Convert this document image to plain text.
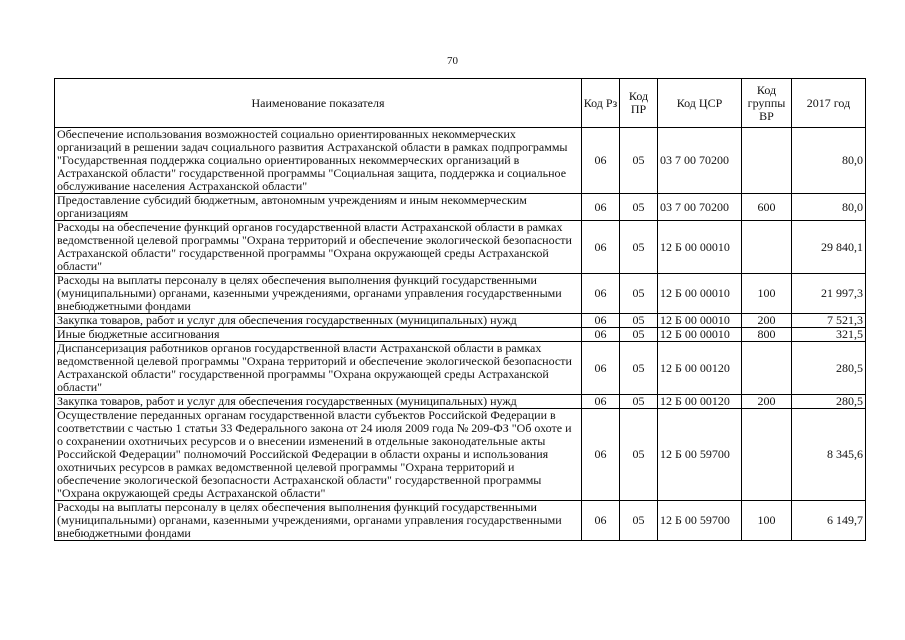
70
Наименование показателя	Код Рз	Код ПР	Код ЦСР	Код группы ВР	2017 год
Обеспечение использования возможностей социально ориентированных некоммерческих организаций в решении задач социального развития Астраханской области в рамках подпрограммы "Государственная поддержка социально ориентированных некоммерческих организаций в Астраханской области" государственной программы "Социальная защита, поддержка и социальное обслуживание населения Астраханской области"	06	05	03 7 00 70200		80,0
Предоставление субсидий бюджетным, автономным учреждениям и иным некоммерческим организациям	06	05	03 7 00 70200	600	80,0
Расходы на обеспечение функций органов государственной власти Астраханской области в рамках ведомственной целевой программы "Охрана территорий и обеспечение экологической безопасности Астраханской области" государственной программы "Охрана окружающей среды Астраханской области"	06	05	12 Б 00 00010		29 840,1
Расходы на выплаты персоналу в целях обеспечения выполнения функций государственными (муниципальными) органами, казенными учреждениями, органами управления государственными внебюджетными фондами	06	05	12 Б 00 00010	100	21 997,3
Закупка товаров, работ и услуг для обеспечения государственных (муниципальных) нужд	06	05	12 Б 00 00010	200	7 521,3
Иные бюджетные ассигнования	06	05	12 Б 00 00010	800	321,5
Диспансеризация работников органов государственной власти Астраханской области в рамках ведомственной целевой программы "Охрана территорий и обеспечение экологической безопасности Астраханской области" государственной программы "Охрана окружающей среды Астраханской области"	06	05	12 Б 00 00120		280,5
Закупка товаров, работ и услуг для обеспечения государственных (муниципальных) нужд	06	05	12 Б 00 00120	200	280,5
Осуществление переданных органам государственной власти субъектов Российской Федерации в соответствии с частью 1 статьи 33 Федерального закона от 24 июля 2009 года № 209-ФЗ "Об охоте и о сохранении охотничьих ресурсов и о внесении изменений в отдельные законодательные акты Российской Федерации" полномочий Российской Федерации в области охраны и использования охотничьих ресурсов в рамках ведомственной целевой программы "Охрана территорий и обеспечение экологической безопасности Астраханской области" государственной программы "Охрана окружающей среды Астраханской области"	06	05	12 Б 00 59700		8 345,6
Расходы на выплаты персоналу в целях обеспечения выполнения функций государственными (муниципальными) органами, казенными учреждениями, органами управления государственными внебюджетными фондами	06	05	12 Б 00 59700	100	6 149,7
